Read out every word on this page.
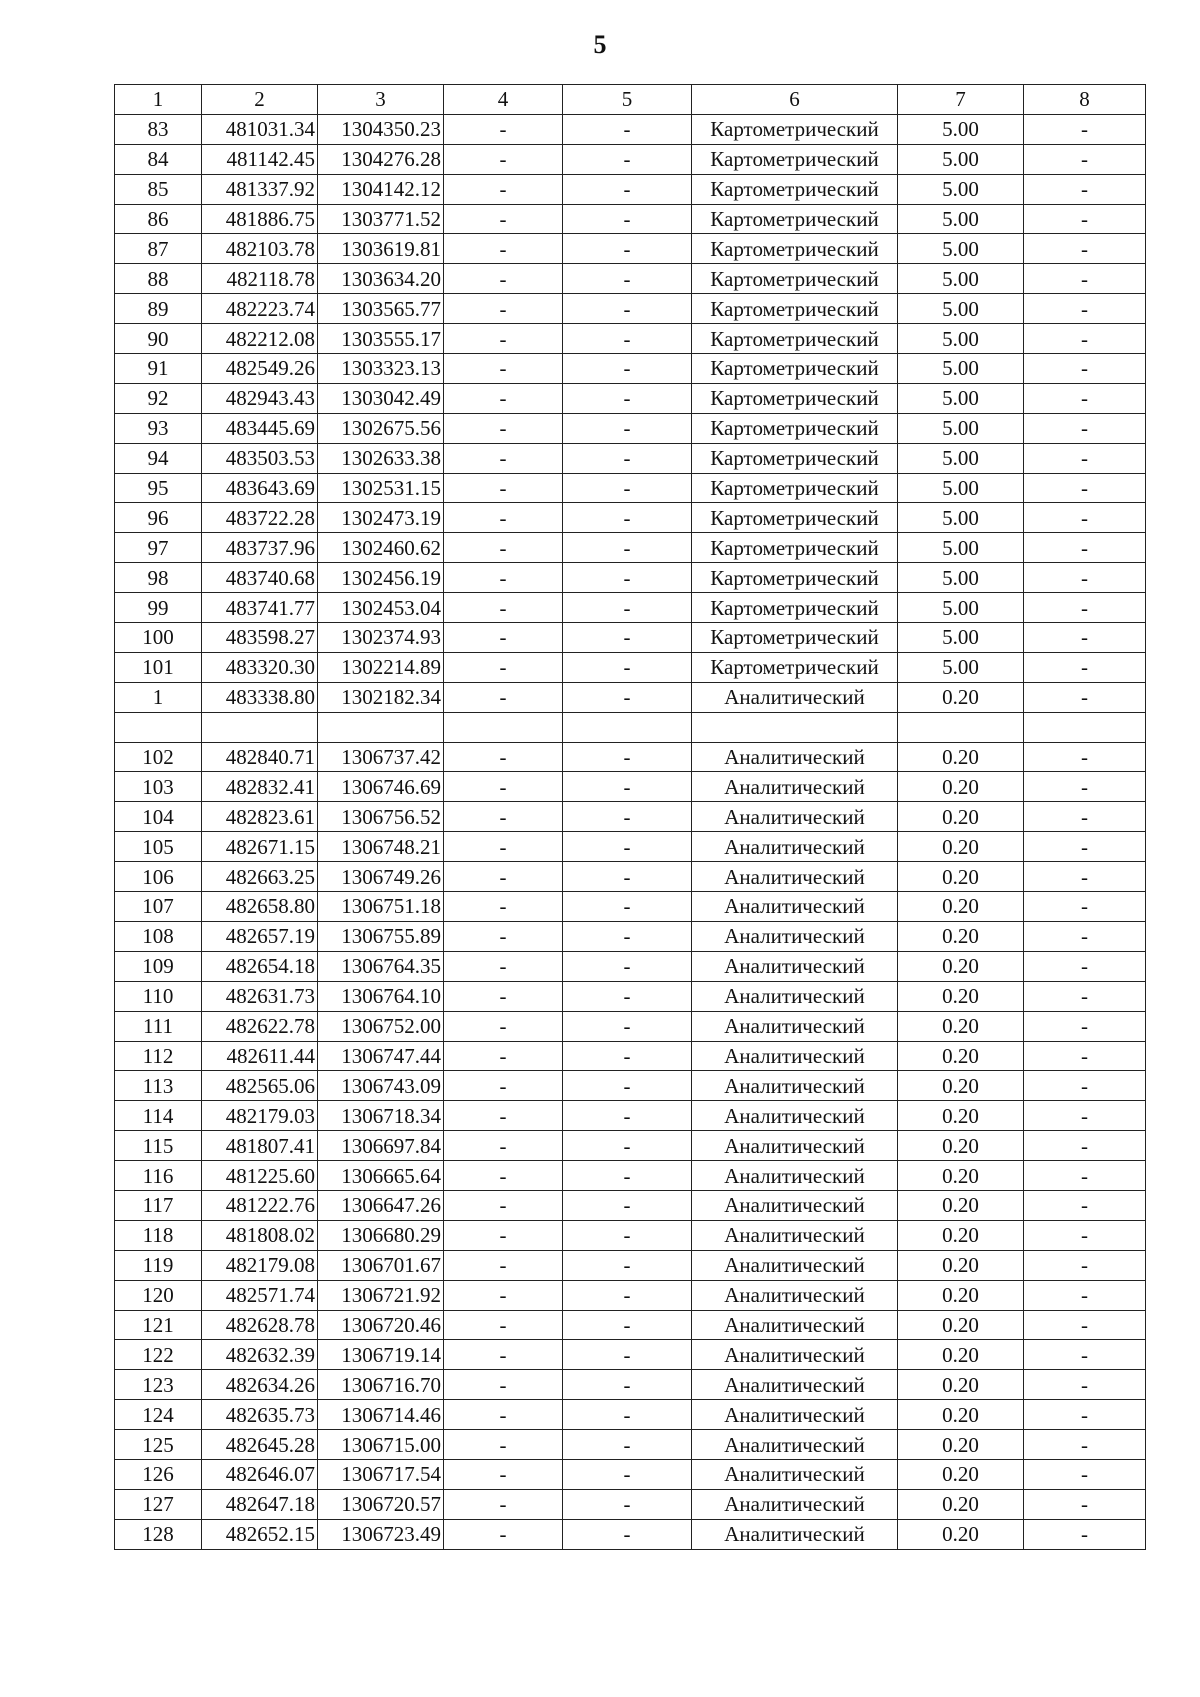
5
1	2	3	4	5	6	7	8
83	481031.34	1304350.23	-	-	Картометрический	5.00	-
84	481142.45	1304276.28	-	-	Картометрический	5.00	-
85	481337.92	1304142.12	-	-	Картометрический	5.00	-
86	481886.75	1303771.52	-	-	Картометрический	5.00	-
87	482103.78	1303619.81	-	-	Картометрический	5.00	-
88	482118.78	1303634.20	-	-	Картометрический	5.00	-
89	482223.74	1303565.77	-	-	Картометрический	5.00	-
90	482212.08	1303555.17	-	-	Картометрический	5.00	-
91	482549.26	1303323.13	-	-	Картометрический	5.00	-
92	482943.43	1303042.49	-	-	Картометрический	5.00	-
93	483445.69	1302675.56	-	-	Картометрический	5.00	-
94	483503.53	1302633.38	-	-	Картометрический	5.00	-
95	483643.69	1302531.15	-	-	Картометрический	5.00	-
96	483722.28	1302473.19	-	-	Картометрический	5.00	-
97	483737.96	1302460.62	-	-	Картометрический	5.00	-
98	483740.68	1302456.19	-	-	Картометрический	5.00	-
99	483741.77	1302453.04	-	-	Картометрический	5.00	-
100	483598.27	1302374.93	-	-	Картометрический	5.00	-
101	483320.30	1302214.89	-	-	Картометрический	5.00	-
1	483338.80	1302182.34	-	-	Аналитический	0.20	-

102	482840.71	1306737.42	-	-	Аналитический	0.20	-
103	482832.41	1306746.69	-	-	Аналитический	0.20	-
104	482823.61	1306756.52	-	-	Аналитический	0.20	-
105	482671.15	1306748.21	-	-	Аналитический	0.20	-
106	482663.25	1306749.26	-	-	Аналитический	0.20	-
107	482658.80	1306751.18	-	-	Аналитический	0.20	-
108	482657.19	1306755.89	-	-	Аналитический	0.20	-
109	482654.18	1306764.35	-	-	Аналитический	0.20	-
110	482631.73	1306764.10	-	-	Аналитический	0.20	-
111	482622.78	1306752.00	-	-	Аналитический	0.20	-
112	482611.44	1306747.44	-	-	Аналитический	0.20	-
113	482565.06	1306743.09	-	-	Аналитический	0.20	-
114	482179.03	1306718.34	-	-	Аналитический	0.20	-
115	481807.41	1306697.84	-	-	Аналитический	0.20	-
116	481225.60	1306665.64	-	-	Аналитический	0.20	-
117	481222.76	1306647.26	-	-	Аналитический	0.20	-
118	481808.02	1306680.29	-	-	Аналитический	0.20	-
119	482179.08	1306701.67	-	-	Аналитический	0.20	-
120	482571.74	1306721.92	-	-	Аналитический	0.20	-
121	482628.78	1306720.46	-	-	Аналитический	0.20	-
122	482632.39	1306719.14	-	-	Аналитический	0.20	-
123	482634.26	1306716.70	-	-	Аналитический	0.20	-
124	482635.73	1306714.46	-	-	Аналитический	0.20	-
125	482645.28	1306715.00	-	-	Аналитический	0.20	-
126	482646.07	1306717.54	-	-	Аналитический	0.20	-
127	482647.18	1306720.57	-	-	Аналитический	0.20	-
128	482652.15	1306723.49	-	-	Аналитический	0.20	-
